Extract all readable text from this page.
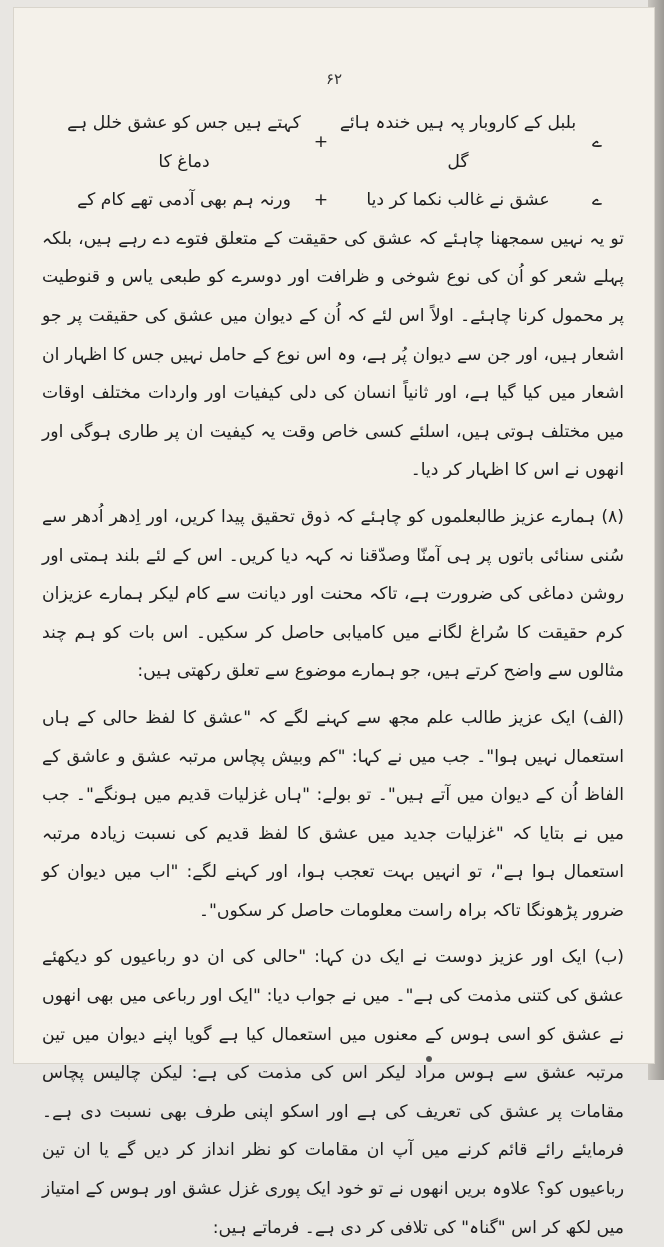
۶۲
ے
بلبل کے کاروبار پہ ہیں خندہ ہائے گل
+
کہتے ہیں جس کو عشق خلل ہے دماغ کا
ے
عشق نے غالب نکما کر دیا
+
ورنہ ہم بھی آدمی تھے کام کے

تو یہ نہیں سمجھنا چاہئے کہ عشق کی حقیقت کے متعلق فتوے دے رہے ہیں، بلکہ پہلے شعر کو اُن کی نوع شوخی و ظرافت اور دوسرے کو طبعی یاس و قنوطیت پر محمول کرنا چاہئے۔ اولاً اس لئے کہ اُن کے دیوان میں عشق کی حقیقت پر جو اشعار ہیں، اور جن سے دیوان پُر ہے، وہ اس نوع کے حامل نہیں جس کا اظہار ان اشعار میں کیا گیا ہے، اور ثانیاً انسان کی دلی کیفیات اور واردات مختلف اوقات میں مختلف ہوتی ہیں، اسلئے کسی خاص وقت یہ کیفیت ان پر طاری ہوگی اور انھوں نے اس کا اظہار کر دیا۔

(۸) ہمارے عزیز طالبعلموں کو چاہئے کہ ذوق تحقیق پیدا کریں، اور اِدھر اُدھر سے سُنی سنائی باتوں پر ہی آمنّا وصدّقنا نہ کہہ دیا کریں۔ اس کے لئے بلند ہمتی اور روشن دماغی کی ضرورت ہے، تاکہ محنت اور دیانت سے کام لیکر ہمارے عزیزان کرم حقیقت کا سُراغ لگانے میں کامیابی حاصل کر سکیں۔ اس بات کو ہم چند مثالوں سے واضح کرتے ہیں، جو ہمارے موضوع سے تعلق رکھتی ہیں:

(الف) ایک عزیز طالب علم مجھ سے کہنے لگے کہ "عشق کا لفظ حالی کے ہاں استعمال نہیں ہوا"۔ جب میں نے کہا: "کم وبیش پچاس مرتبہ عشق و عاشق کے الفاظ اُن کے دیوان میں آتے ہیں"۔ تو بولے: "ہاں غزلیات قدیم میں ہونگے"۔ جب میں نے بتایا کہ "غزلیات جدید میں عشق کا لفظ قدیم کی نسبت زیادہ مرتبہ استعمال ہوا ہے"، تو انہیں بہت تعجب ہوا، اور کہنے لگے: "اب میں دیوان کو ضرور پڑھونگا تاکہ براہ راست معلومات حاصل کر سکوں"۔

(ب) ایک اور عزیز دوست نے ایک دن کہا: "حالی کی ان دو رباعیوں کو دیکھئے عشق کی کتنی مذمت کی ہے"۔ میں نے جواب دیا: "ایک اور رباعی میں بھی انھوں نے عشق کو اسی ہوس کے معنوں میں استعمال کیا ہے گویا اپنے دیوان میں تین مرتبہ عشق سے ہوس مراد لیکر اس کی مذمت کی ہے: لیکن چالیس پچاس مقامات پر عشق کی تعریف کی ہے اور اسکو اپنی طرف بھی نسبت دی ہے۔ فرمایئے رائے قائم کرنے میں آپ ان مقامات کو نظر انداز کر دیں گے یا ان تین رباعیوں کو؟ علاوہ بریں انھوں نے تو خود ایک پوری غزل عشق اور ہوس کے امتیاز میں لکھ کر اس "گناہ" کی تلافی کر دی ہے۔ فرماتے ہیں:
